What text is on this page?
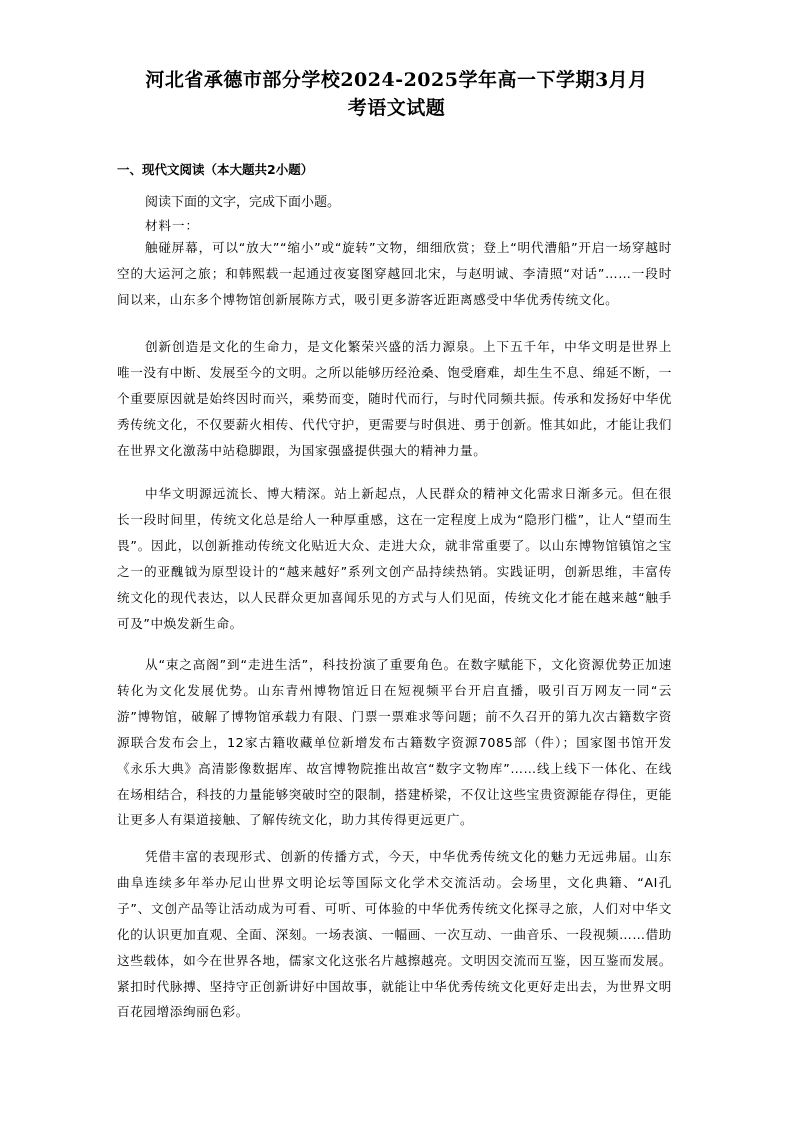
河北省承德市部分学校2024-2025学年高一下学期3月月
考语文试题
一、现代文阅读（本大题共2小题）
阅读下面的文字，完成下面小题。
材料一：

触碰屏幕，可以“放大”“缩小”或“旋转”文物，细细欣赏；登上“明代漕船”开启一场穿越时空的大运河之旅；和韩熙载一起通过夜宴图穿越回北宋，与赵明诚、李清照“对话”……一段时间以来，山东多个博物馆创新展陈方式，吸引更多游客近距离感受中华优秀传统文化。

创新创造是文化的生命力，是文化繁荣兴盛的活力源泉。上下五千年，中华文明是世界上唯一没有中断、发展至今的文明。之所以能够历经沧桑、饱受磨难，却生生不息、绵延不断，一个重要原因就是始终因时而兴，乘势而变，随时代而行，与时代同频共振。传承和发扬好中华优秀传统文化，不仅要薪火相传、代代守护，更需要与时俱进、勇于创新。惟其如此，才能让我们在世界文化激荡中站稳脚跟，为国家强盛提供强大的精神力量。

中华文明源远流长、博大精深。站上新起点，人民群众的精神文化需求日渐多元。但在很长一段时间里，传统文化总是给人一种厚重感，这在一定程度上成为“隐形门槛”，让人“望而生畏”。因此，以创新推动传统文化贴近大众、走进大众，就非常重要了。以山东博物馆镇馆之宝之一的亚醜钺为原型设计的“越来越好”系列文创产品持续热销。实践证明，创新思维，丰富传统文化的现代表达，以人民群众更加喜闻乐见的方式与人们见面，传统文化才能在越来越“触手可及”中焕发新生命。

从“束之高阁”到“走进生活”，科技扮演了重要角色。在数字赋能下，文化资源优势正加速转化为文化发展优势。山东青州博物馆近日在短视频平台开启直播，吸引百万网友一同“云游”博物馆，破解了博物馆承载力有限、门票一票难求等问题；前不久召开的第九次古籍数字资源联合发布会上，12家古籍收藏单位新增发布古籍数字资源7085部（件）；国家图书馆开发《永乐大典》高清影像数据库、故宫博物院推出故宫“数字文物库”……线上线下一体化、在线在场相结合，科技的力量能够突破时空的限制，搭建桥梁，不仅让这些宝贵资源能存得住，更能让更多人有渠道接触、了解传统文化，助力其传得更远更广。

凭借丰富的表现形式、创新的传播方式，今天，中华优秀传统文化的魅力无远弗届。山东曲阜连续多年举办尼山世界文明论坛等国际文化学术交流活动。会场里，文化典籍、“AI孔子”、文创产品等让活动成为可看、可听、可体验的中华优秀传统文化探寻之旅，人们对中华文化的认识更加直观、全面、深刻。一场表演、一幅画、一次互动、一曲音乐、一段视频……借助这些载体，如今在世界各地，儒家文化这张名片越擦越亮。文明因交流而互鉴，因互鉴而发展。紧扣时代脉搏、坚持守正创新讲好中国故事，就能让中华优秀传统文化更好走出去，为世界文明百花园增添绚丽色彩。
